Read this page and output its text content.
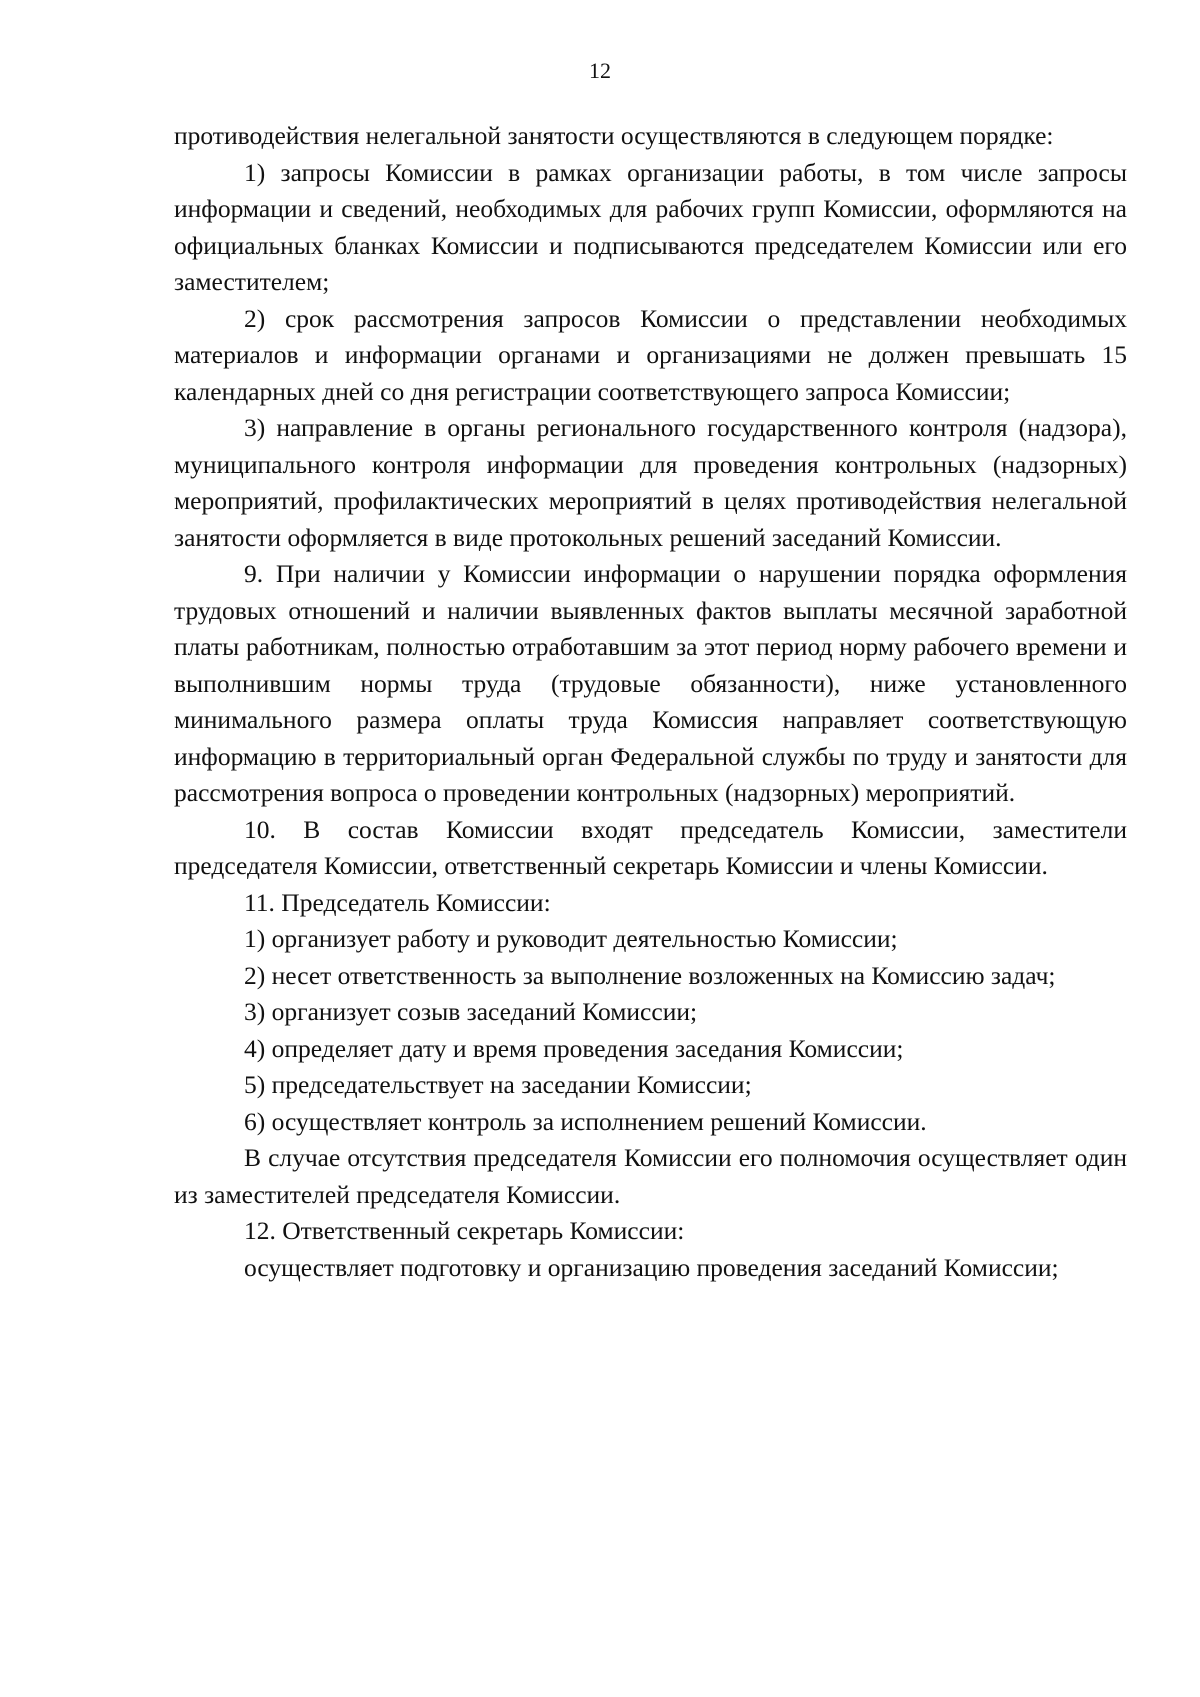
12

противодействия нелегальной занятости осуществляются в следующем порядке:

1) запросы Комиссии в рамках организации работы, в том числе запросы информации и сведений, необходимых для рабочих групп Комиссии, оформляются на официальных бланках Комиссии и подписываются председателем Комиссии или его заместителем;

2) срок рассмотрения запросов Комиссии о представлении необходимых материалов и информации органами и организациями не должен превышать 15 календарных дней со дня регистрации соответствующего запроса Комиссии;

3) направление в органы регионального государственного контроля (надзора), муниципального контроля информации для проведения контрольных (надзорных) мероприятий, профилактических мероприятий в целях противодействия нелегальной занятости оформляется в виде протокольных решений заседаний Комиссии.

9. При наличии у Комиссии информации о нарушении порядка оформления трудовых отношений и наличии выявленных фактов выплаты месячной заработной платы работникам, полностью отработавшим за этот период норму рабочего времени и выполнившим нормы труда (трудовые обязанности), ниже установленного минимального размера оплаты труда Комиссия направляет соответствующую информацию в территориальный орган Федеральной службы по труду и занятости для рассмотрения вопроса о проведении контрольных (надзорных) мероприятий.

10. В состав Комиссии входят председатель Комиссии, заместители председателя Комиссии, ответственный секретарь Комиссии и члены Комиссии.

11. Председатель Комиссии:

1) организует работу и руководит деятельностью Комиссии;

2) несет ответственность за выполнение возложенных на Комиссию задач;

3) организует созыв заседаний Комиссии;

4) определяет дату и время проведения заседания Комиссии;

5) председательствует на заседании Комиссии;

6) осуществляет контроль за исполнением решений Комиссии.

В случае отсутствия председателя Комиссии его полномочия осуществляет один из заместителей председателя Комиссии.

12. Ответственный секретарь Комиссии:

осуществляет подготовку и организацию проведения заседаний Комиссии;
